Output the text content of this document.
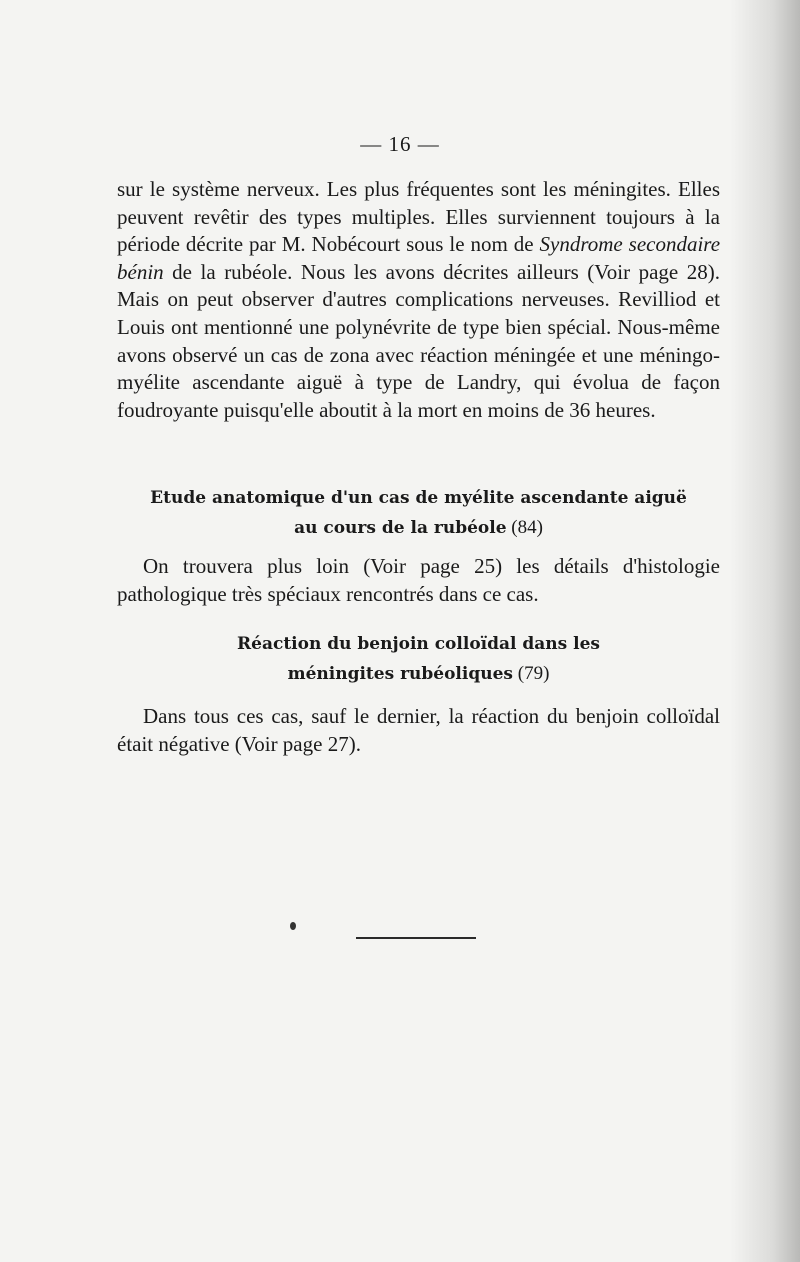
— 16 —

sur le système nerveux. Les plus fréquentes sont les méningites. Elles peuvent revêtir des types multiples. Elles surviennent toujours à la période décrite par M. Nobécourt sous le nom de Syndrome secondaire bénin de la rubéole. Nous les avons décrites ailleurs (Voir page 28). Mais on peut observer d'autres complications nerveuses. Revilliod et Louis ont mentionné une polynévrite de type bien spécial. Nous-même avons observé un cas de zona avec réaction méningée et une méningo-myélite ascendante aiguë à type de Landry, qui évolua de façon foudroyante puisqu'elle aboutit à la mort en moins de 36 heures.

Etude anatomique d'un cas de myélite ascendante aiguë
au cours de la rubéole (84)

On trouvera plus loin (Voir page 25) les détails d'histologie pathologique très spéciaux rencontrés dans ce cas.

Réaction du benjoin colloïdal dans les
méningites rubéoliques (79)

Dans tous ces cas, sauf le dernier, la réaction du benjoin colloïdal était négative (Voir page 27).
